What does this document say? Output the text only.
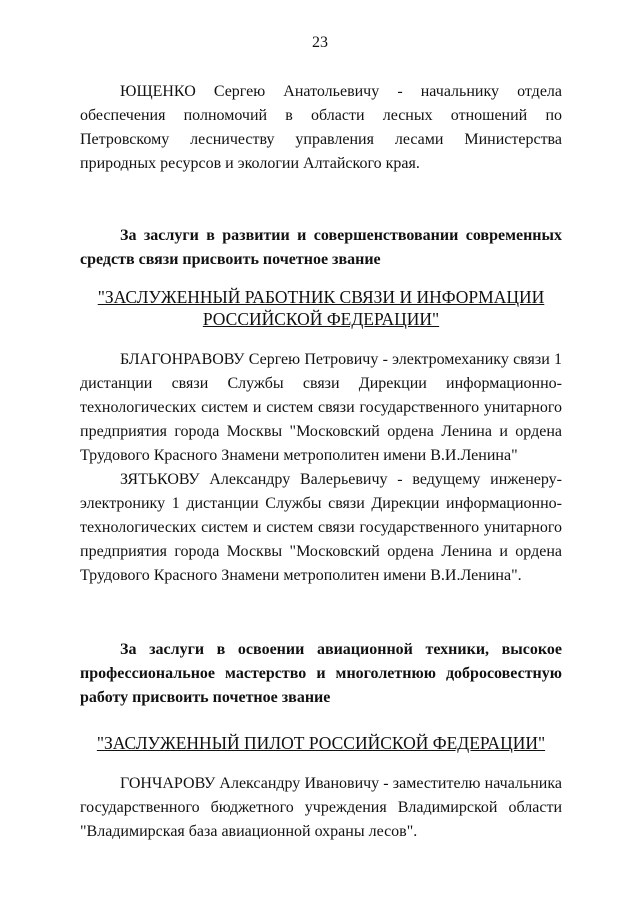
23

ЮЩЕНКО Сергею Анатольевичу - начальнику отдела обеспечения полномочий в области лесных отношений по Петровскому лесничеству управления лесами Министерства природных ресурсов и экологии Алтайского края.

За заслуги в развитии и совершенствовании современных средств связи присвоить почетное звание

"ЗАСЛУЖЕННЫЙ РАБОТНИК СВЯЗИ И ИНФОРМАЦИИ
РОССИЙСКОЙ ФЕДЕРАЦИИ"

БЛАГОНРАВОВУ Сергею Петровичу - электромеханику связи 1 дистанции связи Службы связи Дирекции информационно-технологических систем и систем связи государственного унитарного предприятия города Москвы "Московский ордена Ленина и ордена Трудового Красного Знамени метрополитен имени В.И.Ленина"

ЗЯТЬКОВУ Александру Валерьевичу - ведущему инженеру-электронику 1 дистанции Службы связи Дирекции информационно-технологических систем и систем связи государственного унитарного предприятия города Москвы "Московский ордена Ленина и ордена Трудового Красного Знамени метрополитен имени В.И.Ленина".

За заслуги в освоении авиационной техники, высокое профессиональное мастерство и многолетнюю добросовестную работу присвоить почетное звание

"ЗАСЛУЖЕННЫЙ ПИЛОТ РОССИЙСКОЙ ФЕДЕРАЦИИ"

ГОНЧАРОВУ Александру Ивановичу - заместителю начальника государственного бюджетного учреждения Владимирской области "Владимирская база авиационной охраны лесов".
